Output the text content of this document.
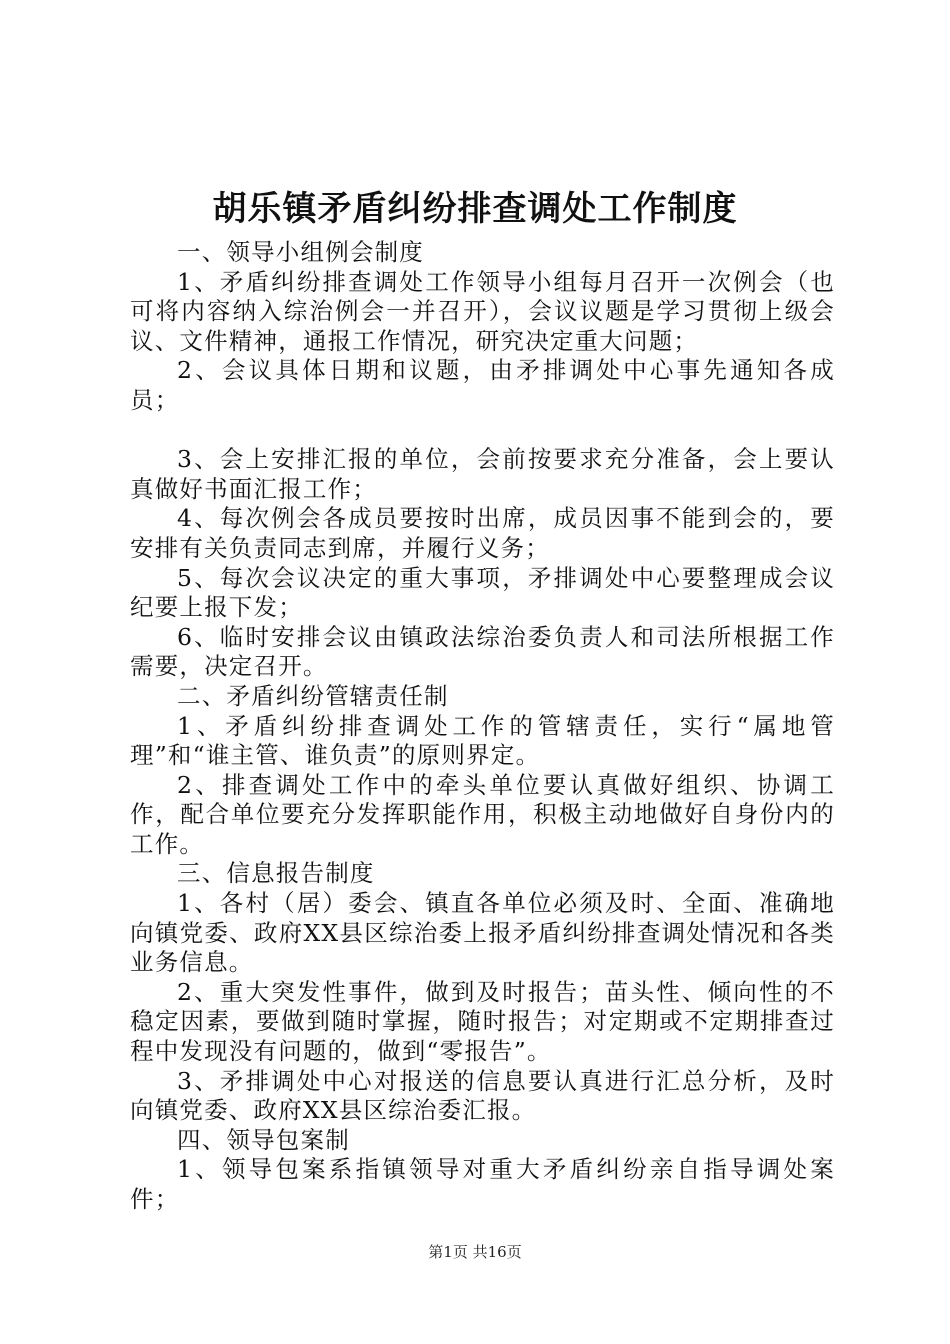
胡乐镇矛盾纠纷排查调处工作制度

一、领导小组例会制度

1、矛盾纠纷排查调处工作领导小组每月召开一次例会（也可将内容纳入综治例会一并召开），会议议题是学习贯彻上级会议、文件精神，通报工作情况，研究决定重大问题；

2、会议具体日期和议题，由矛排调处中心事先通知各成员；

3、会上安排汇报的单位，会前按要求充分准备，会上要认真做好书面汇报工作；

4、每次例会各成员要按时出席，成员因事不能到会的，要安排有关负责同志到席，并履行义务；

5、每次会议决定的重大事项，矛排调处中心要整理成会议纪要上报下发；

6、临时安排会议由镇政法综治委负责人和司法所根据工作需要，决定召开。

二、矛盾纠纷管辖责任制

1、矛盾纠纷排查调处工作的管辖责任，实行“属地管理”和“谁主管、谁负责”的原则界定。

2、排查调处工作中的牵头单位要认真做好组织、协调工作，配合单位要充分发挥职能作用，积极主动地做好自身份内的工作。

三、信息报告制度

1、各村（居）委会、镇直各单位必须及时、全面、准确地向镇党委、政府XX县区综治委上报矛盾纠纷排查调处情况和各类业务信息。

2、重大突发性事件，做到及时报告；苗头性、倾向性的不稳定因素，要做到随时掌握，随时报告；对定期或不定期排查过程中发现没有问题的，做到“零报告”。

3、矛排调处中心对报送的信息要认真进行汇总分析，及时向镇党委、政府XX县区综治委汇报。

四、领导包案制

1、领导包案系指镇领导对重大矛盾纠纷亲自指导调处案件；

第1页 共16页
